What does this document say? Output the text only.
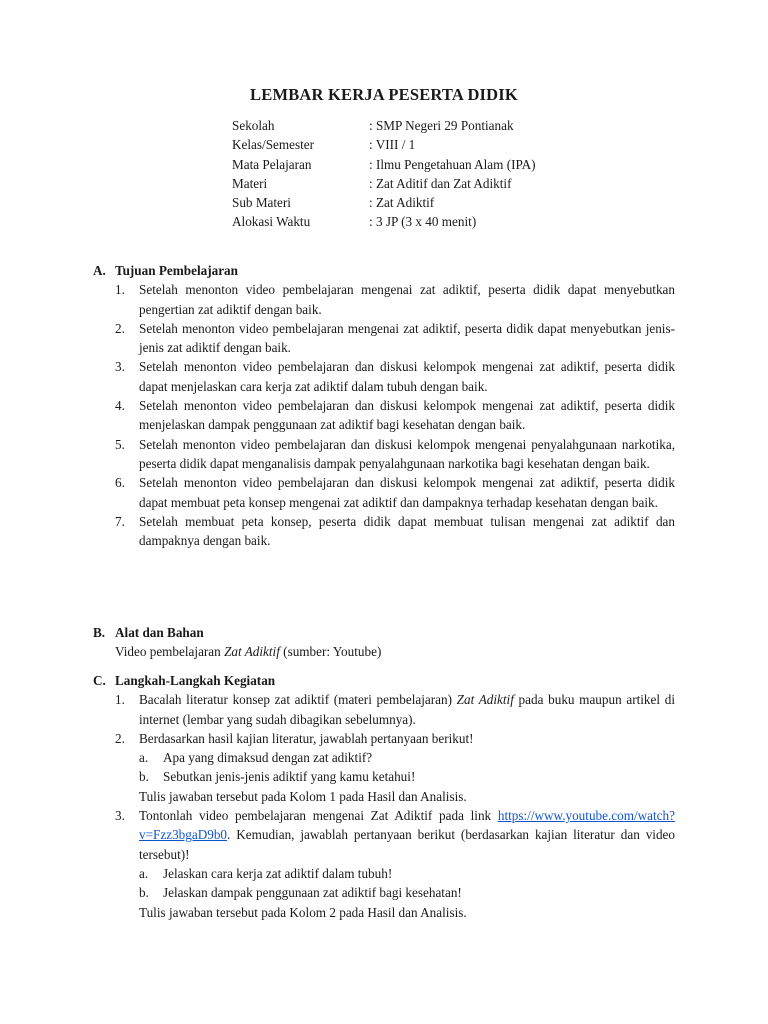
LEMBAR KERJA PESERTA DIDIK
Sekolah	: SMP Negeri 29 Pontianak
Kelas/Semester	: VIII / 1
Mata Pelajaran	: Ilmu Pengetahuan Alam (IPA)
Materi	: Zat Aditif dan Zat Adiktif
Sub Materi	: Zat Adiktif
Alokasi Waktu	: 3 JP (3 x 40 menit)
A. Tujuan Pembelajaran
1. Setelah menonton video pembelajaran mengenai zat adiktif, peserta didik dapat menyebutkan pengertian zat adiktif dengan baik.
2. Setelah menonton video pembelajaran mengenai zat adiktif, peserta didik dapat menyebutkan jenis-jenis zat adiktif dengan baik.
3. Setelah menonton video pembelajaran dan diskusi kelompok mengenai zat adiktif, peserta didik dapat menjelaskan cara kerja zat adiktif dalam tubuh dengan baik.
4. Setelah menonton video pembelajaran dan diskusi kelompok mengenai zat adiktif, peserta didik menjelaskan dampak penggunaan zat adiktif bagi kesehatan dengan baik.
5. Setelah menonton video pembelajaran dan diskusi kelompok mengenai penyalahgunaan narkotika, peserta didik dapat menganalisis dampak penyalahgunaan narkotika bagi kesehatan dengan baik.
6. Setelah menonton video pembelajaran dan diskusi kelompok mengenai zat adiktif, peserta didik dapat membuat peta konsep mengenai zat adiktif dan dampaknya terhadap kesehatan dengan baik.
7. Setelah membuat peta konsep, peserta didik dapat membuat tulisan mengenai zat adiktif dan dampaknya dengan baik.
B. Alat dan Bahan
Video pembelajaran Zat Adiktif (sumber: Youtube)
C. Langkah-Langkah Kegiatan
1. Bacalah literatur konsep zat adiktif (materi pembelajaran) Zat Adiktif pada buku maupun artikel di internet (lembar yang sudah dibagikan sebelumnya).
2. Berdasarkan hasil kajian literatur, jawablah pertanyaan berikut!
a. Apa yang dimaksud dengan zat adiktif?
b. Sebutkan jenis-jenis adiktif yang kamu ketahui!
Tulis jawaban tersebut pada Kolom 1 pada Hasil dan Analisis.
3. Tontonlah video pembelajaran mengenai Zat Adiktif pada link https://www.youtube.com/watch?v=Fzz3bgaD9b0. Kemudian, jawablah pertanyaan berikut (berdasarkan kajian literatur dan video tersebut)!
a. Jelaskan cara kerja zat adiktif dalam tubuh!
b. Jelaskan dampak penggunaan zat adiktif bagi kesehatan!
Tulis jawaban tersebut pada Kolom 2 pada Hasil dan Analisis.
